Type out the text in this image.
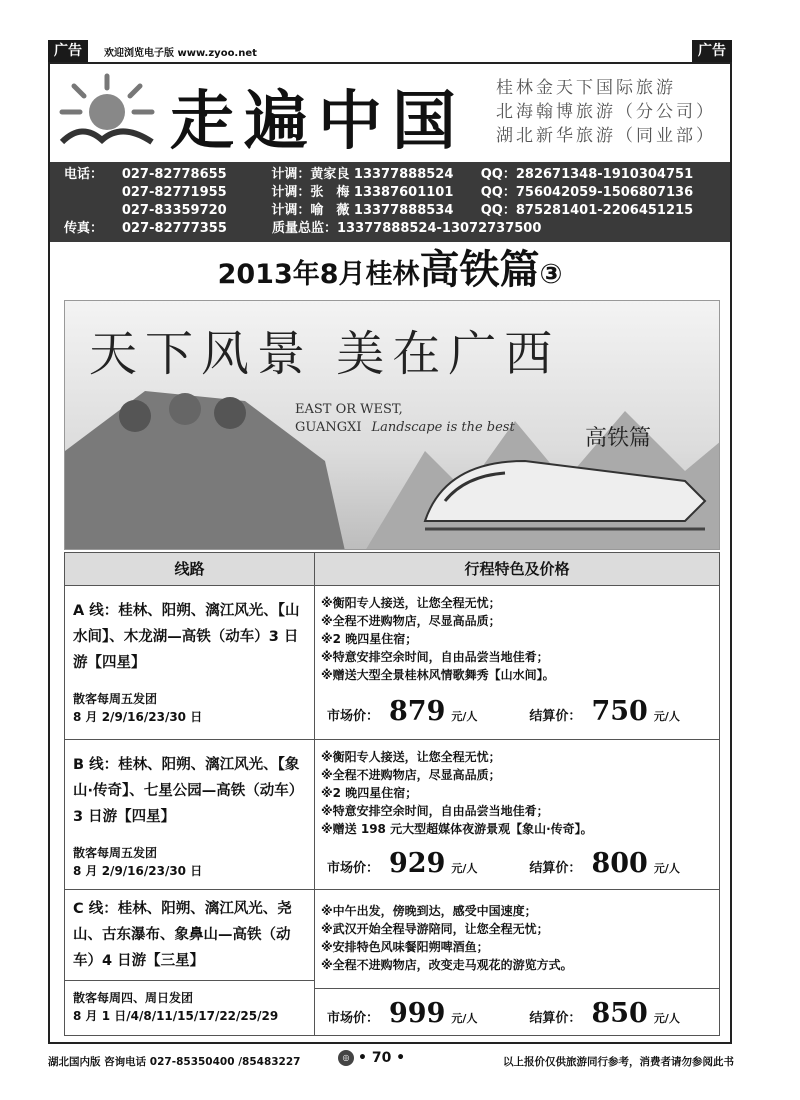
广告	欢迎浏览电子版 www.zyoo.net	广告
走遍中国 桂林金天下国际旅游
北海翰博旅游（分公司）
湖北新华旅游（同业部）
电话：	027-82778655	计调：黄家良 13377888524	QQ：282671348-1910304751
027-82771955	计调：张　梅 13387601101	QQ：756042059-1506807136
027-83359720	计调：喻　薇 13377888534	QQ：875281401-2206451215
传真：	027-82777355	质量总监：13377888524-13072737500
2013年8月桂林高铁篇③
天下风景 美在广西
EAST OR WEST,
GUANGXI Landscape is the best	高铁篇
线路	行程特色及价格
A 线：桂林、阳朔、漓江风光、【山水间】、木龙湖—高铁（动车）3 日游【四星】
散客每周五发团
8 月 2/9/16/23/30 日
※衡阳专人接送，让您全程无忧；
※全程不进购物店，尽显高品质；
※2 晚四星住宿；
※特意安排空余时间，自由品尝当地佳肴；
※赠送大型全景桂林风情歌舞秀【山水间】。
市场价： 879 元/人	结算价： 750 元/人
B 线：桂林、阳朔、漓江风光、【象山·传奇】、七星公园—高铁（动车）3 日游【四星】
散客每周五发团
8 月 2/9/16/23/30 日
※衡阳专人接送，让您全程无忧；
※全程不进购物店，尽显高品质；
※2 晚四星住宿；
※特意安排空余时间，自由品尝当地佳肴；
※赠送 198 元大型超媒体夜游景观【象山·传奇】。
市场价： 929 元/人	结算价： 800 元/人
C 线：桂林、阳朔、漓江风光、尧山、古东瀑布、象鼻山—高铁（动车）4 日游【三星】
散客每周四、周日发团
8 月 1 日/4/8/11/15/17/22/25/29
※中午出发，傍晚到达，感受中国速度；
※武汉开始全程导游陪同，让您全程无忧；
※安排特色风味餐阳朔啤酒鱼；
※全程不进购物店，改变走马观花的游览方式。
市场价： 999 元/人	结算价： 850 元/人
湖北国内版 咨询电话 027-85350400 /85483227	◎ • 70 •	以上报价仅供旅游同行参考，消费者请勿参阅此书
